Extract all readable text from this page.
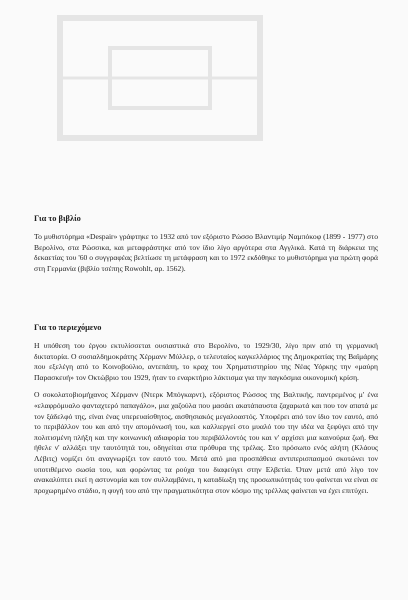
Για το βιβλίο

Το μυθιστόρημα «Despair» γράφτηκε το 1932 από τον εξόριστο Ρώσσο Βλαντιμίρ Ναμπόκοφ (1899 - 1977) στο Βερολίνο, στα Ρώσσικα, και μεταφράστηκε από τον ίδιο λίγο αργότερα στα Αγγλικά. Κατά τη διάρκεια της δεκαετίας του '60 ο συγγραφέας βελτίωσε τη μετάφραση και το 1972 εκδόθηκε το μυθιστόρημα για πρώτη φορά στη Γερμανία (βιβλίο τσέπης Rowohlt, αρ. 1562).

Για το περιεχόμενο

Η υπόθεση του έργου εκτυλίσσεται ουσιαστικά στο Βερολίνο, το 1929/30, λίγο πριν από τη γερμανική δικτατορία. Ο σοσιαλδημοκράτης Χέρμανν Μύλλερ, ο τελευταίος καγκελλάριος της Δημοκρατίας της Βαϊμάρης που εξελέγη από το Κοινοβούλιο, αντεπάπη, το κραχ του Χρηματιστηρίου της Νέας Υόρκης την «μαύρη Παρασκευή» τον Οκτώβριο του 1929, ήταν το εναρκτήριο λάκτισμα για την παγκόσμια οικονομική κρίση.

Ο σοκολατοβιομήχανος Χέρμανν (Ντερκ Μπόγκαρντ), εξόριστος Ρώσσος της Βαλτικής, παντρεμένος μ' ένα «ελαφρόμυαλο φανταχτερό παπαγάλο», μια χαζούλα που μασάει ακατάπαυστα ζαχαρωτά και που τον απατά με τον ξάδελφό της, είναι ένας υπερευαίσθητος, αισθησιακός μεγαλοαστός. Υποφέρει από τον ίδιο τον εαυτό, από το περιβάλλον του και από την απομόνωσή του, και καλλιεργεί στο μυαλό του την ιδέα να ξεφύγει από την πολιτισμένη πλήξη και την κοινωνική αδιαφορία του περιβάλλοντός του και ν' αρχίσει μια καινούρια ζωή. Θα ήθελε ν' αλλάξει την ταυτότητά του, οδηγείται στα πρόθυρα της τρέλας. Στο πρόσωπο ενός αλήτη (Κλάους Λέβιτς) νομίζει ότι αναγνωρίζει τον εαυτό του. Μετά από μια προσπάθεια αντιπερισπασμού σκοτώνει τον υποτιθέμενο σωσία του, και φορώντας τα ρούχα του διαφεύγει στην Ελβετία. Όταν μετά από λίγο τον ανακαλύπτει εκεί η αστυνομία και τον συλλαμβάνει, η καταδίωξη της προσωπικότητάς του φαίνεται να είναι σε προχωρημένο στάδιο, η φυγή του από την πραγματικότητα στον κόσμο της τρέλλας φαίνεται να έχει επιτύχει.
